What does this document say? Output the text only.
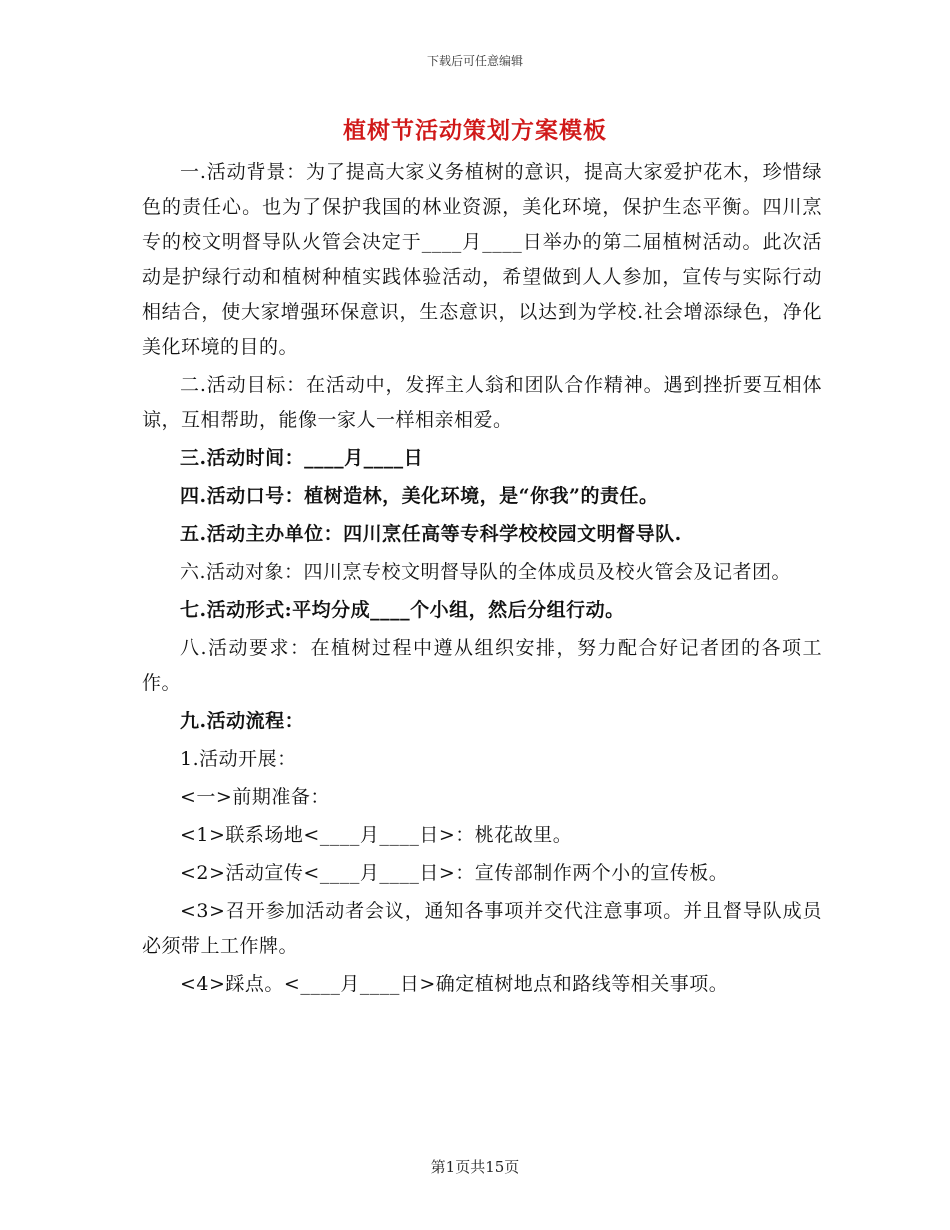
下载后可任意编辑
植树节活动策划方案模板

一.活动背景：为了提高大家义务植树的意识，提高大家爱护花木，珍惜绿色的责任心。也为了保护我国的林业资源，美化环境，保护生态平衡。四川烹专的校文明督导队火管会决定于____月____日举办的第二届植树活动。此次活动是护绿行动和植树种植实践体验活动，希望做到人人参加，宣传与实际行动相结合，使大家增强环保意识，生态意识，以达到为学校.社会增添绿色，净化美化环境的目的。

二.活动目标：在活动中，发挥主人翁和团队合作精神。遇到挫折要互相体谅，互相帮助，能像一家人一样相亲相爱。

三.活动时间：____月____日

四.活动口号：植树造林，美化环境，是“你我”的责任。

五.活动主办单位：四川烹任高等专科学校校园文明督导队.

六.活动对象：四川烹专校文明督导队的全体成员及校火管会及记者团。

七.活动形式:平均分成____个小组，然后分组行动。

八.活动要求：在植树过程中遵从组织安排，努力配合好记者团的各项工作。

九.活动流程：

1.活动开展：

<一>前期准备：

<1>联系场地<____月____日>：桃花故里。

<2>活动宣传<____月____日>：宣传部制作两个小的宣传板。

<3>召开参加活动者会议，通知各事项并交代注意事项。并且督导队成员必须带上工作牌。

<4>踩点。<____月____日>确定植树地点和路线等相关事项。

第1页共15页
